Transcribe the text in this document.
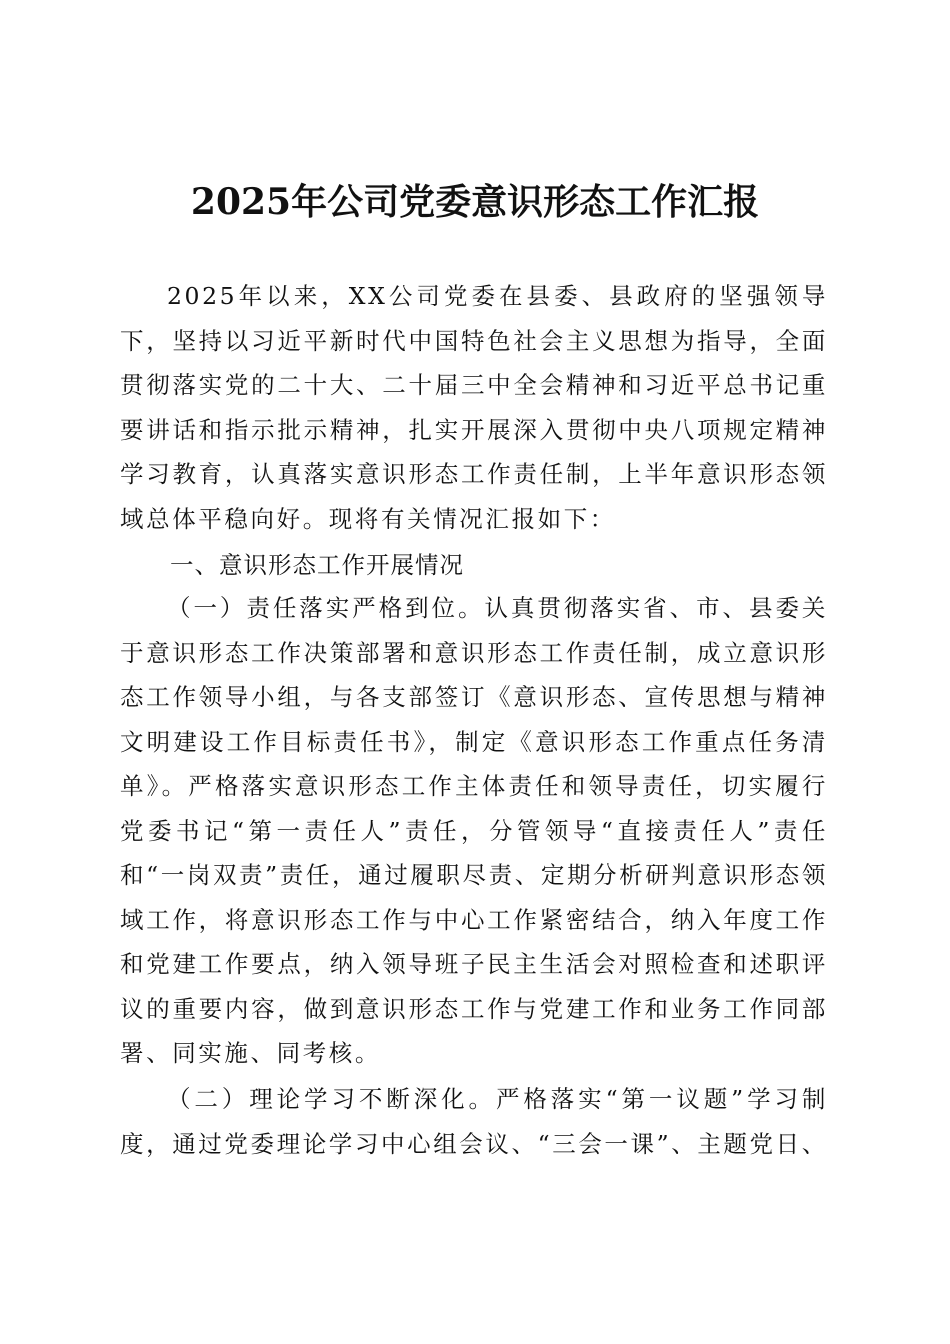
2025年公司党委意识形态工作汇报

2025年以来，XX公司党委在县委、县政府的坚强领导下，坚持以习近平新时代中国特色社会主义思想为指导，全面贯彻落实党的二十大、二十届三中全会精神和习近平总书记重要讲话和指示批示精神，扎实开展深入贯彻中央八项规定精神学习教育，认真落实意识形态工作责任制，上半年意识形态领域总体平稳向好。现将有关情况汇报如下：

一、意识形态工作开展情况

（一）责任落实严格到位。认真贯彻落实省、市、县委关于意识形态工作决策部署和意识形态工作责任制，成立意识形态工作领导小组，与各支部签订《意识形态、宣传思想与精神文明建设工作目标责任书》，制定《意识形态工作重点任务清单》。严格落实意识形态工作主体责任和领导责任，切实履行党委书记“第一责任人”责任，分管领导“直接责任人”责任和“一岗双责”责任，通过履职尽责、定期分析研判意识形态领域工作，将意识形态工作与中心工作紧密结合，纳入年度工作和党建工作要点，纳入领导班子民主生活会对照检查和述职评议的重要内容，做到意识形态工作与党建工作和业务工作同部署、同实施、同考核。

（二）理论学习不断深化。严格落实“第一议题”学习制度，通过党委理论学习中心组会议、“三会一课”、主题党日、
